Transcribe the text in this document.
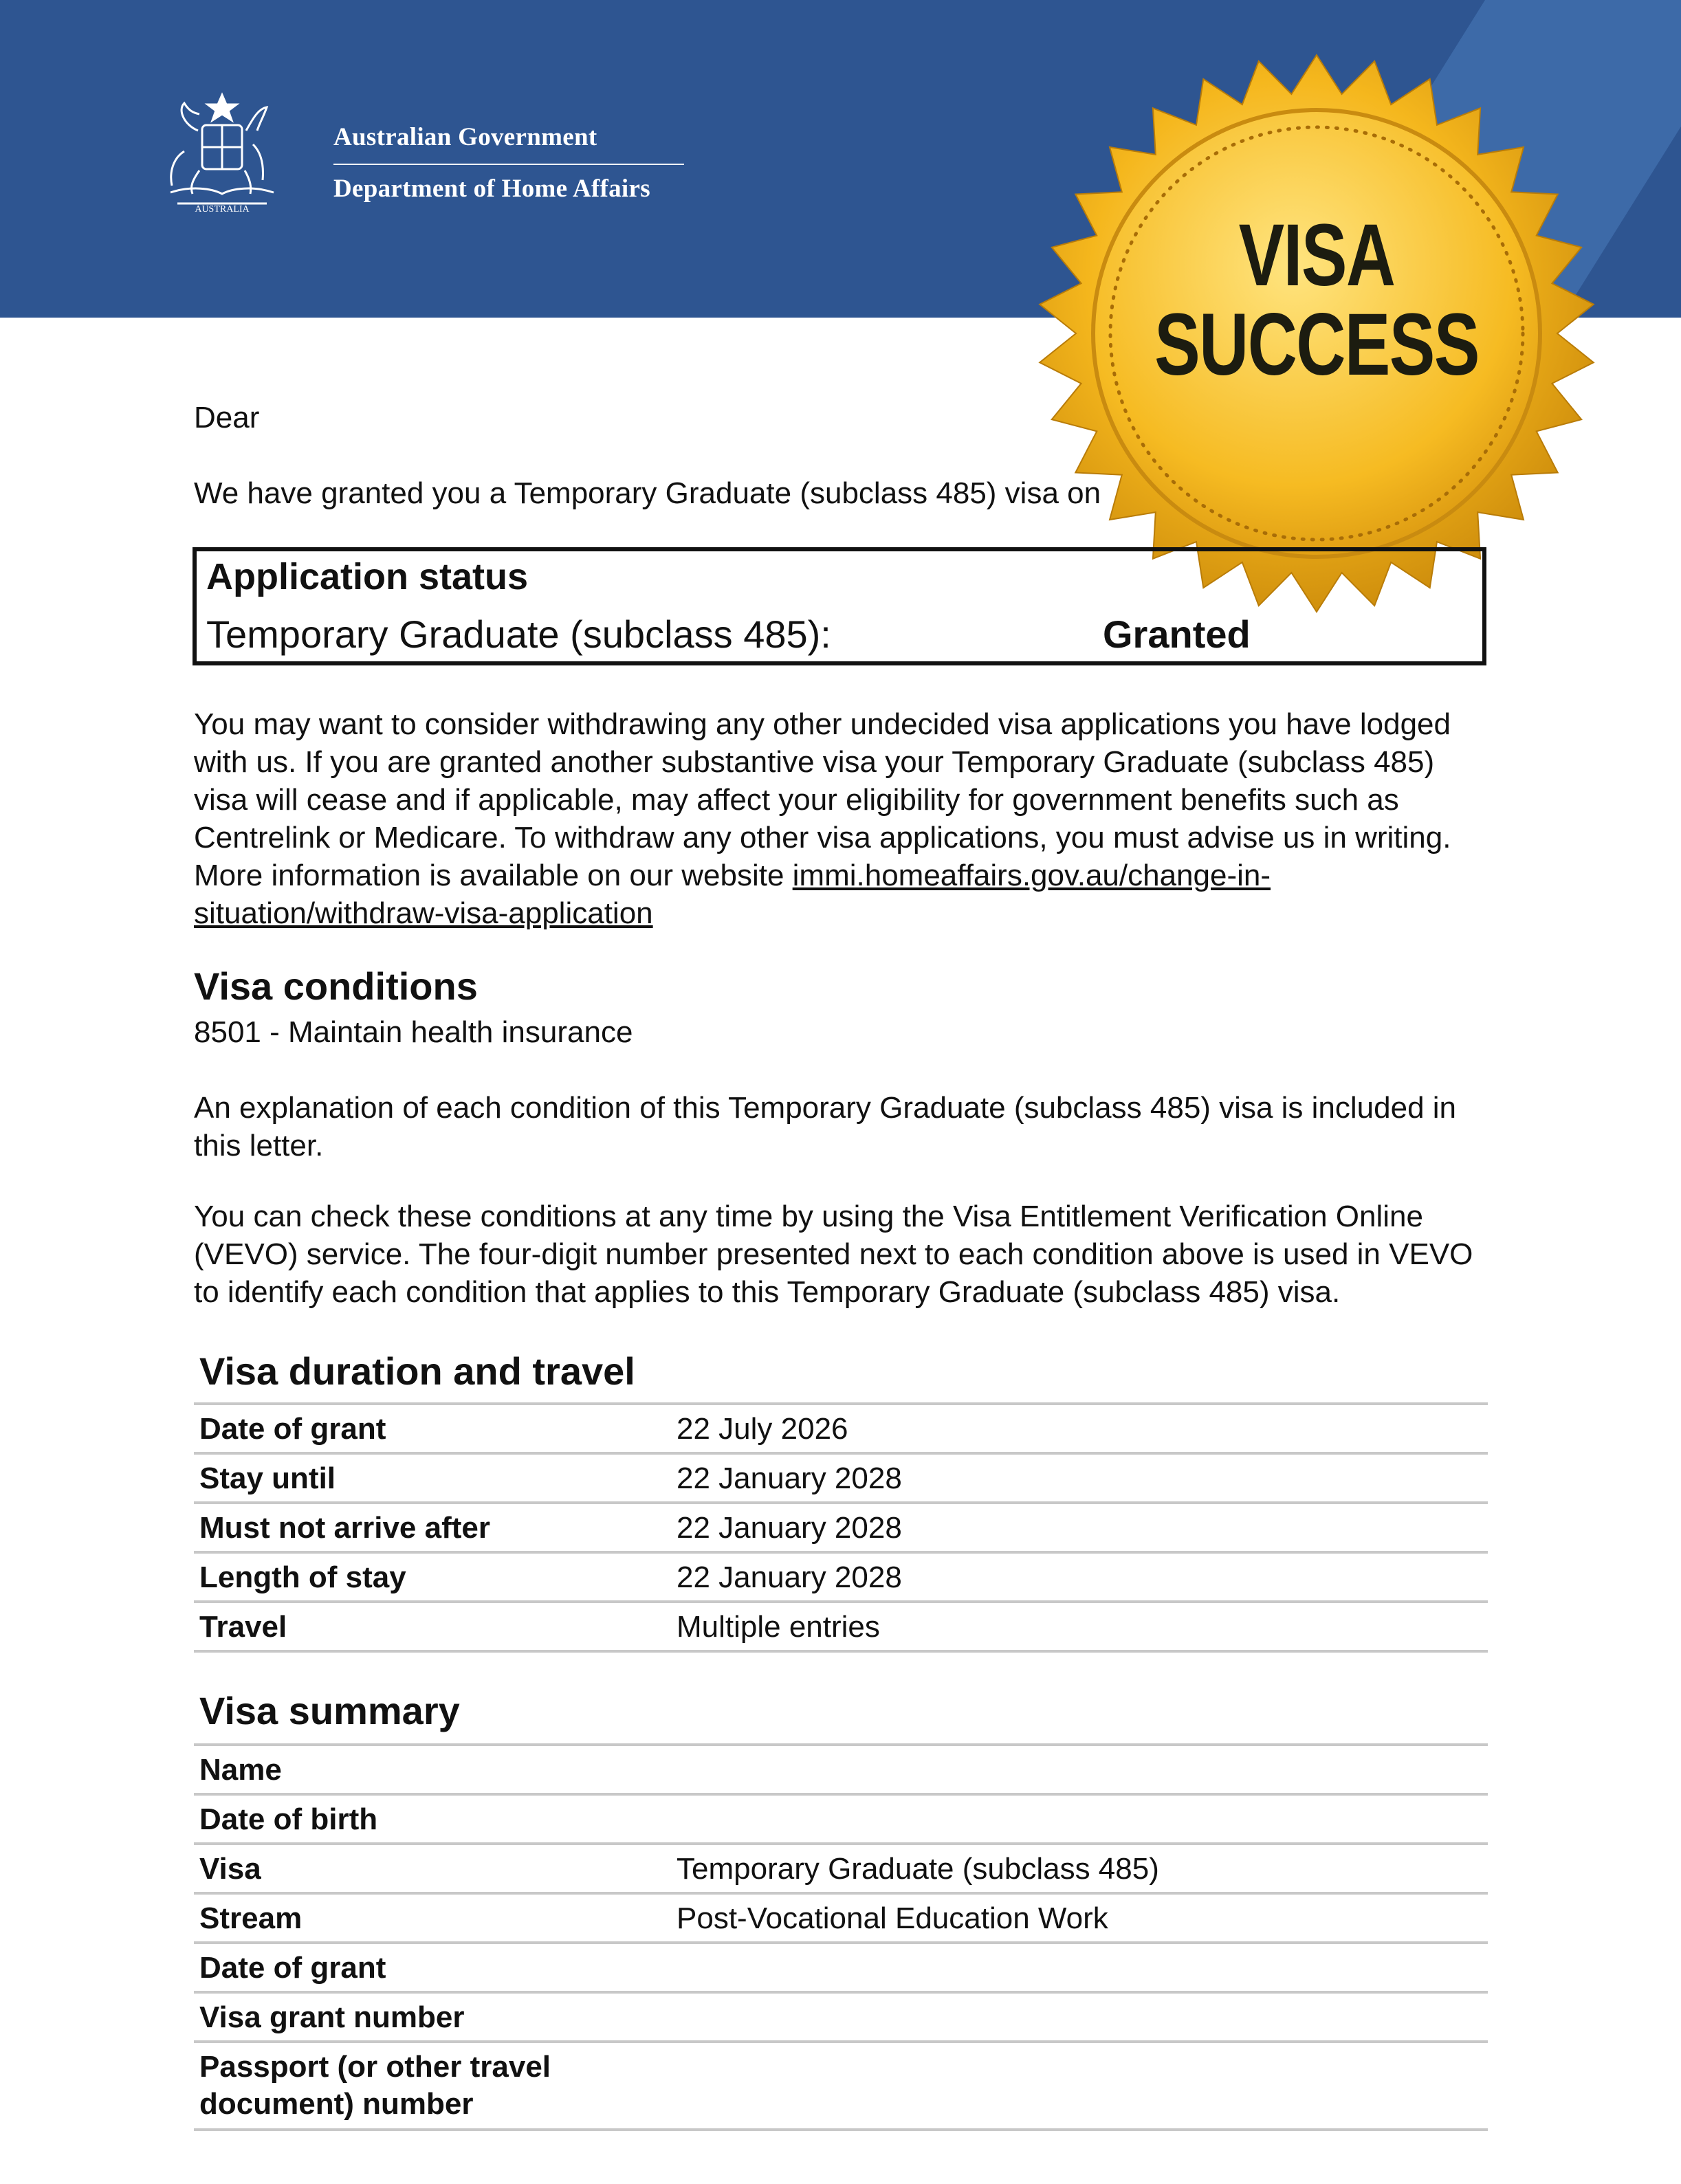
AUSTRALIA
Australian Government
Department of Home Affairs
VISA
SUCCESS
Dear
We have granted you a Temporary Graduate (subclass 485) visa on
Application status
Temporary Graduate (subclass 485):	Granted
You may want to consider withdrawing any other undecided visa applications you have lodged with us. If you are granted another substantive visa your Temporary Graduate (subclass 485) visa will cease and if applicable, may affect your eligibility for government benefits such as Centrelink or Medicare. To withdraw any other visa applications, you must advise us in writing. More information is available on our website immi.homeaffairs.gov.au/change-in-situation/withdraw-visa-application
Visa conditions
8501 - Maintain health insurance
An explanation of each condition of this Temporary Graduate (subclass 485) visa is included in this letter.
You can check these conditions at any time by using the Visa Entitlement Verification Online (VEVO) service. The four-digit number presented next to each condition above is used in VEVO to identify each condition that applies to this Temporary Graduate (subclass 485) visa.
Visa duration and travel
Date of grant	22 July 2026
Stay until	22 January 2028
Must not arrive after	22 January 2028
Length of stay	22 January 2028
Travel	Multiple entries
Visa summary
Name
Date of birth
Visa	Temporary Graduate (subclass 485)
Stream	Post-Vocational Education Work
Date of grant
Visa grant number
Passport (or other travel document) number
